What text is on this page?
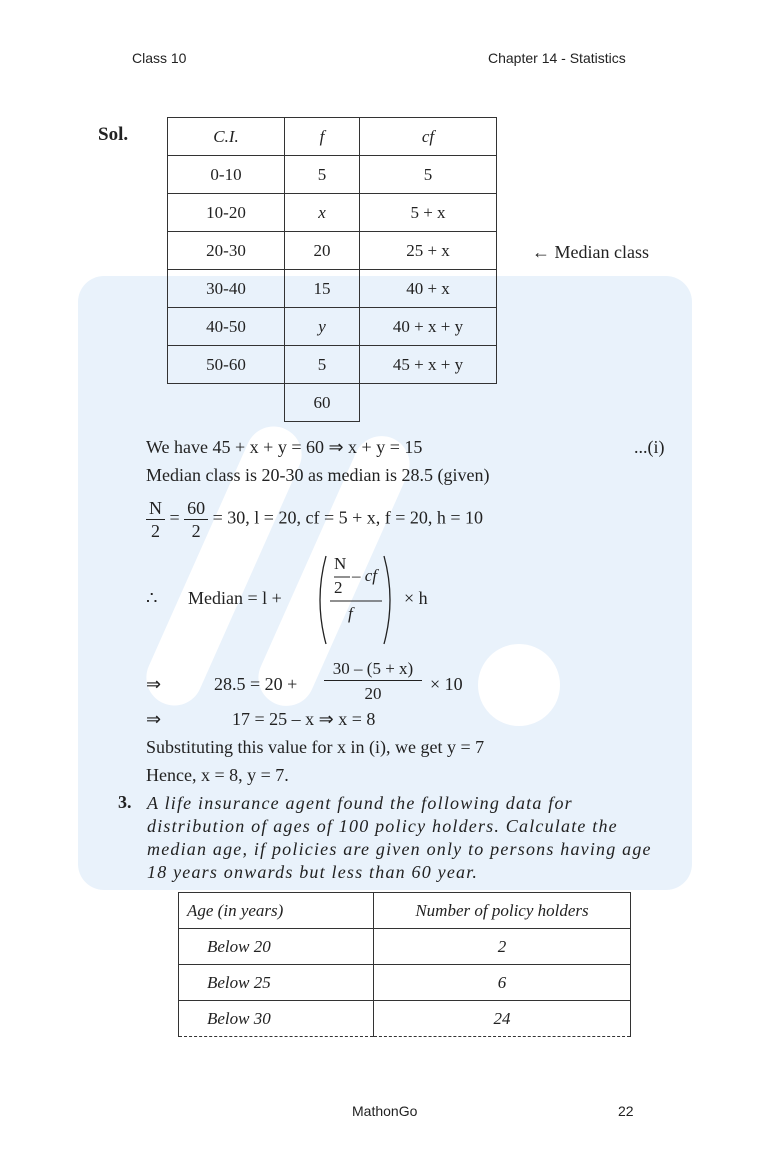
Class 10	Chapter 14 - Statistics
Sol.	C.I.	f	cf
0-10	5	5
10-20	x	5 + x
20-30	20	25 + x
30-40	15	40 + x
40-50	y	40 + x + y
50-60	5	45 + x + y
	60	
← Median class
We have 45 + x + y = 60 ⇒ x + y = 15	...(i)
Median class is 20-30 as median is 28.5 (given)
$\frac{N}{2} = \frac{60}{2} = 30$, l = 20, cf = 5 + x, f = 20, h = 10
∴ Median = l +
N
2
– cf
f
× h
⇒	28.5 = 20 +
30 – (5 + x)
20	× 10
⇒	17 = 25 – x ⇒ x = 8
Substituting this value for x in (i), we get y = 7
Hence, x = 8, y = 7.
3. A life insurance agent found the following data for distribution of ages of 100 policy holders. Calculate the median age, if policies are given only to persons having age 18 years onwards but less than 60 year.
Age (in years)	Number of policy holders
Below 20	2
Below 25	6
Below 30	24
MathonGo	22
